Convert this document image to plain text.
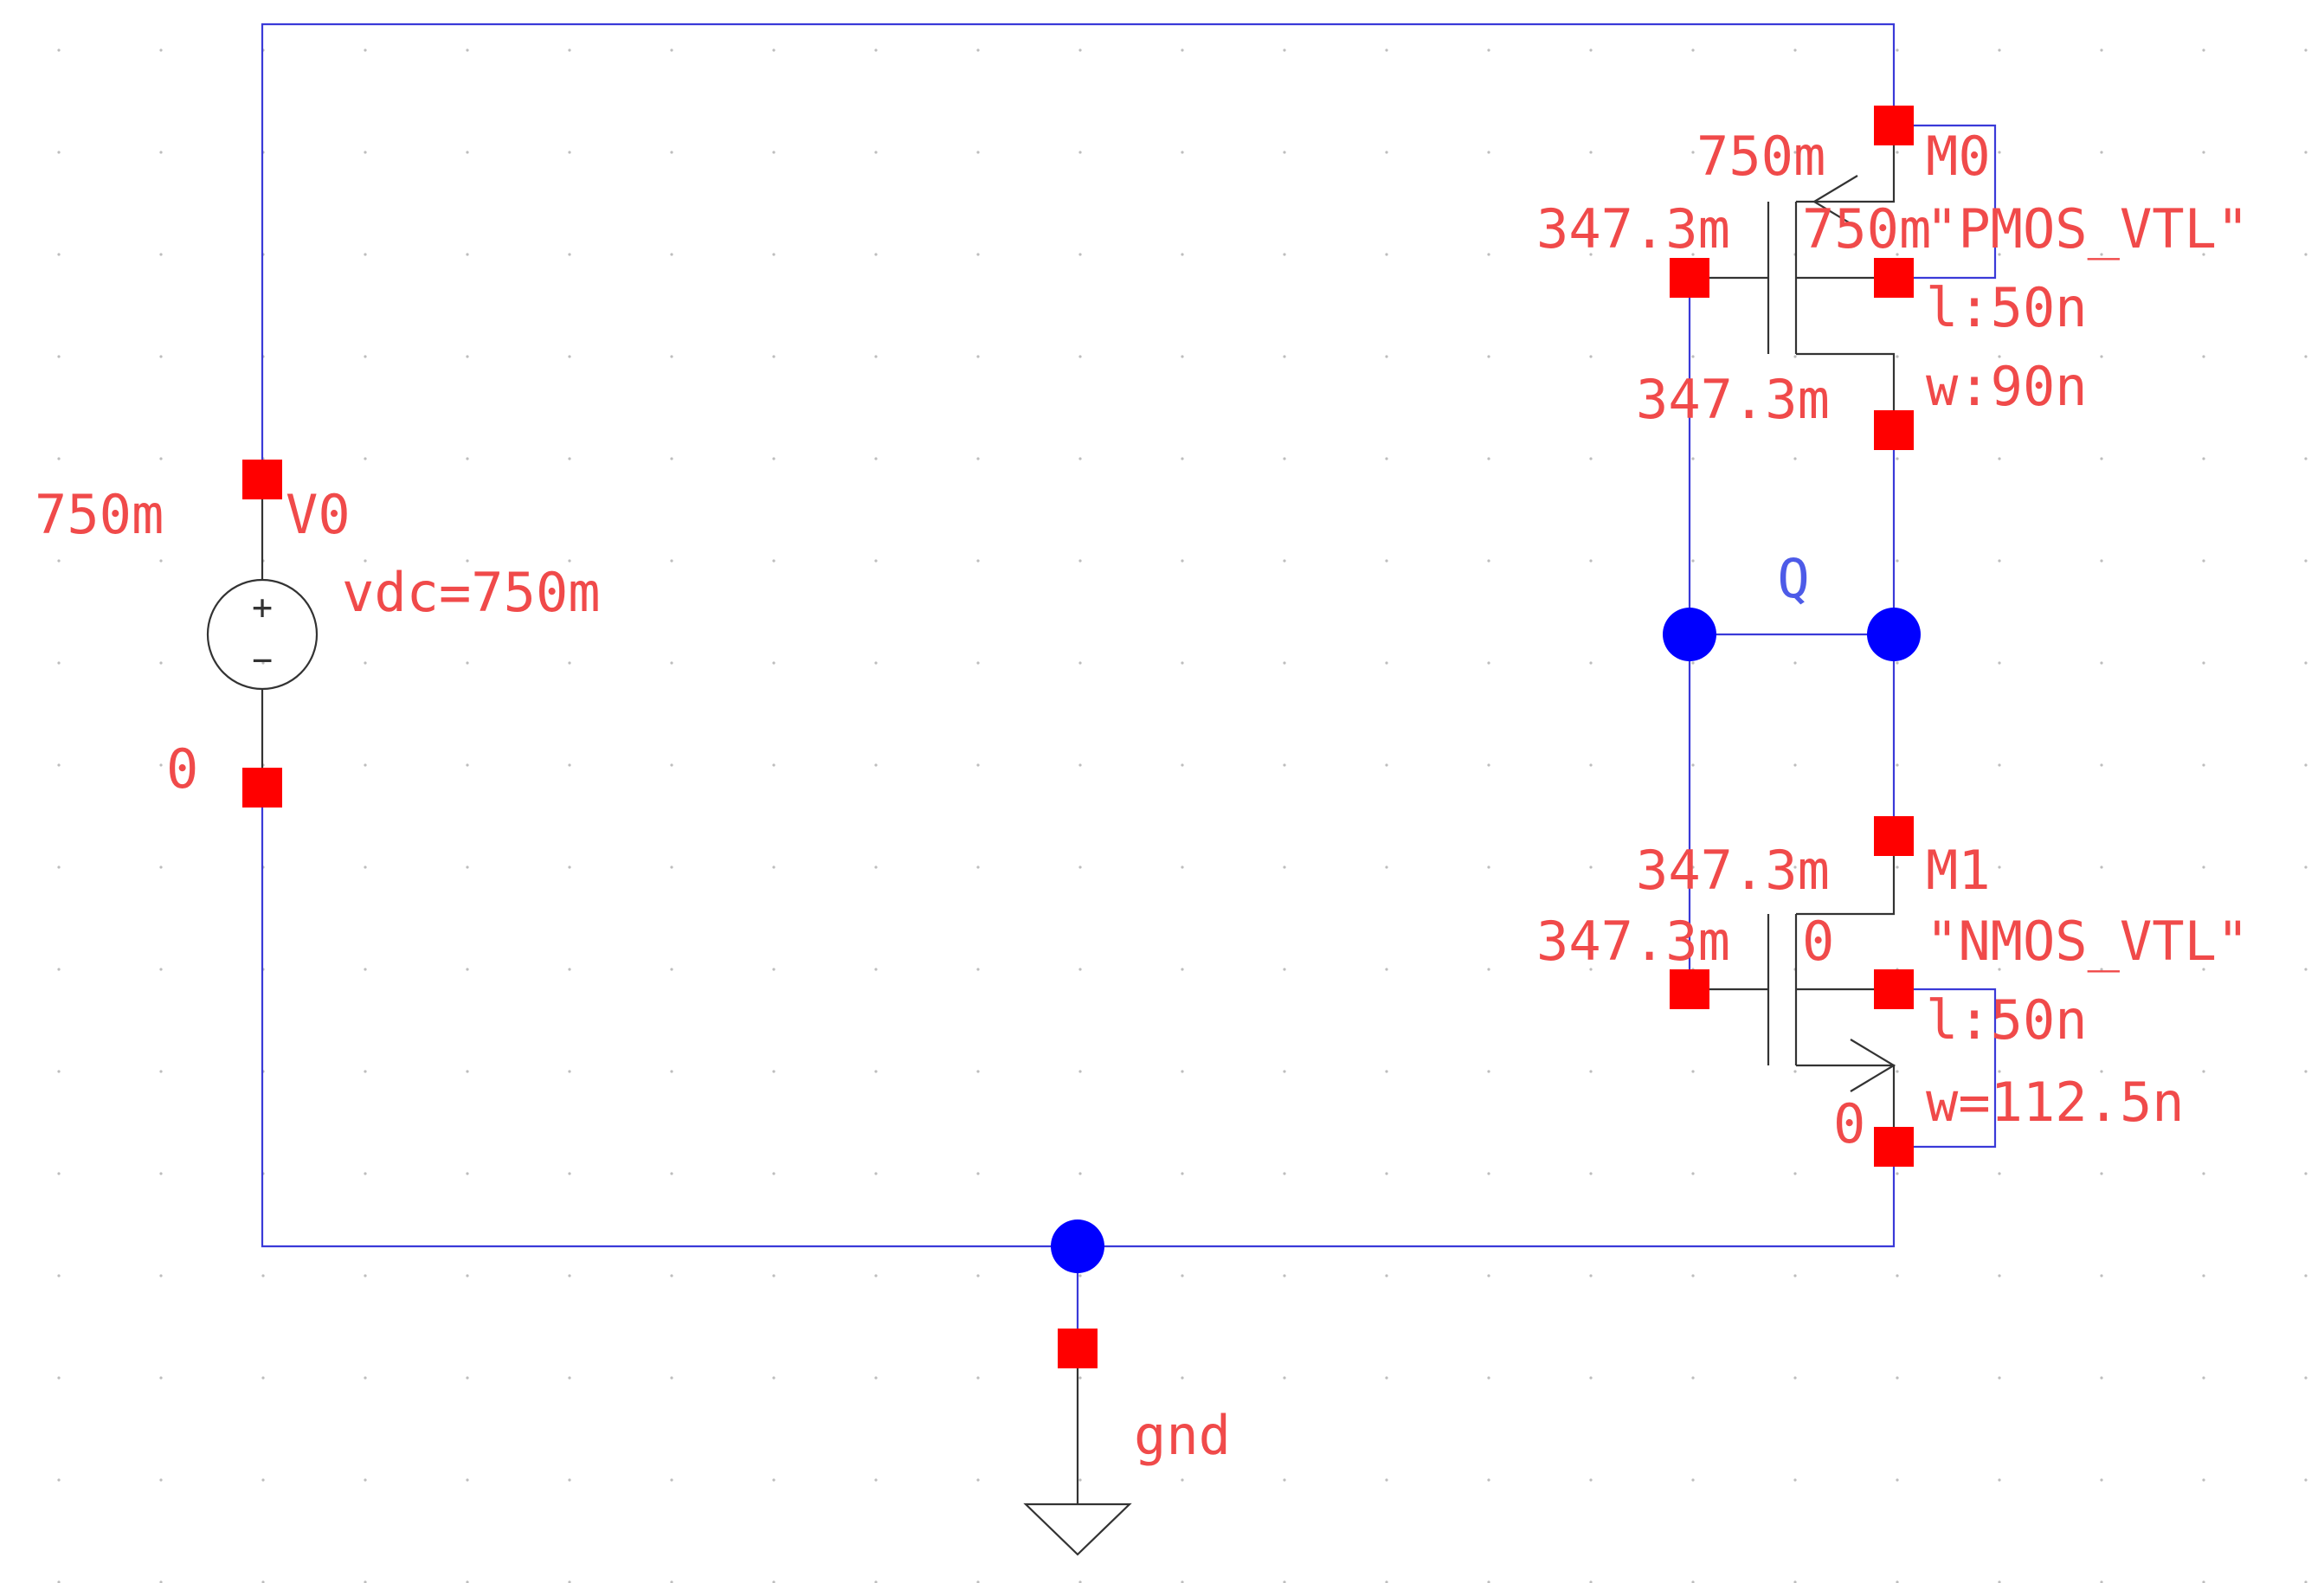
+
−
Q
750m V0
vdc=750m
0
750m M0
347.3m 750m
"PMOS_VTL"
l:50n
347.3m w:90n
347.3m M1
347.3m 0 "NMOS_VTL"
l:50n
0 w=112.5n
gnd
